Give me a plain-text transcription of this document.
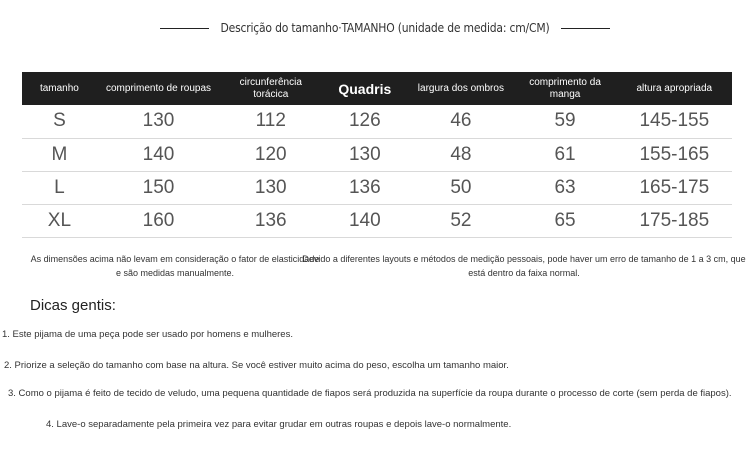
Descrição do tamanho·TAMANHO (unidade de medida: cm/CM)
tamanho	comprimento de roupas	circunferência torácica	Quadris	largura dos ombros	comprimento da manga	altura apropriada
S	130	112	126	46	59	145-155
M	140	120	130	48	61	155-165
L	150	130	136	50	63	165-175
XL	160	136	140	52	65	175-185
As dimensões acima não levam em consideração o fator de elasticidade e são medidas manualmente.
Devido a diferentes layouts e métodos de medição pessoais, pode haver um erro de tamanho de 1 a 3 cm, que está dentro da faixa normal.
Dicas gentis:
1. Este pijama de uma peça pode ser usado por homens e mulheres.
2. Priorize a seleção do tamanho com base na altura. Se você estiver muito acima do peso, escolha um tamanho maior.
3. Como o pijama é feito de tecido de veludo, uma pequena quantidade de fiapos será produzida na superfície da roupa durante o processo de corte (sem perda de fiapos).
4. Lave-o separadamente pela primeira vez para evitar grudar em outras roupas e depois lave-o normalmente.
